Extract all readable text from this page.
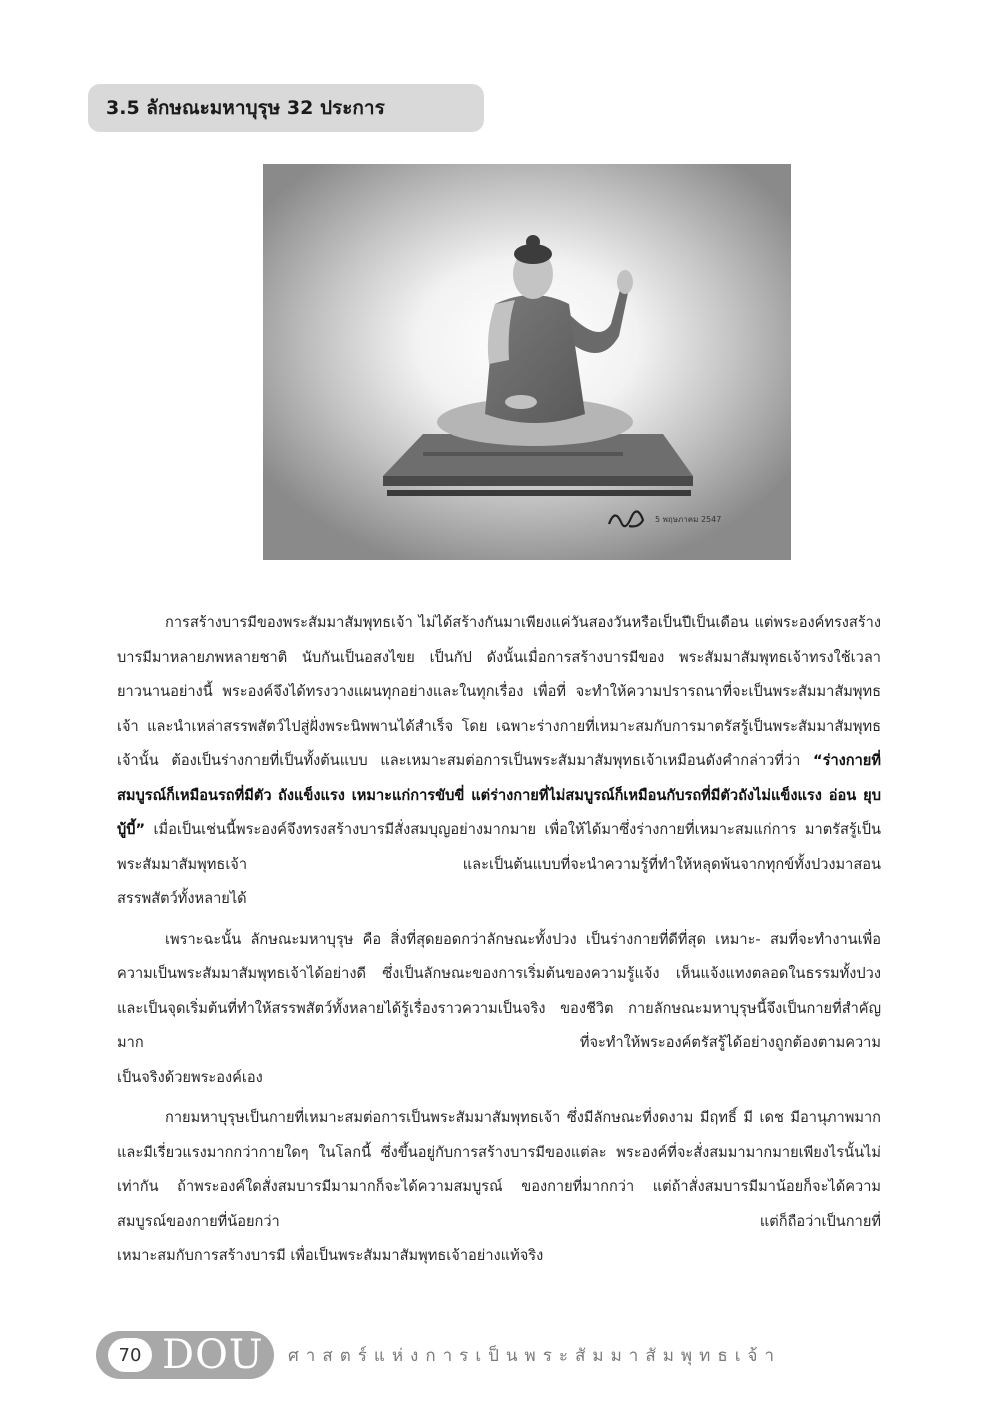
3.5 ลักษณะมหาบุรุษ 32 ประการ
5 พฤษภาคม 2547

การสร้างบารมีของพระสัมมาสัมพุทธเจ้า ไม่ได้สร้างกันมาเพียงแค่วันสองวันหรือเป็นปีเป็นเดือน แต่พระองค์ทรงสร้างบารมีมาหลายภพหลายชาติ นับกันเป็นอสงไขย เป็นกัป ดังนั้นเมื่อการสร้างบารมีของ พระสัมมาสัมพุทธเจ้าทรงใช้เวลายาวนานอย่างนี้ พระองค์จึงได้ทรงวางแผนทุกอย่างและในทุกเรื่อง เพื่อที่ จะทำให้ความปรารถนาที่จะเป็นพระสัมมาสัมพุทธเจ้า และนำเหล่าสรรพสัตว์ไปสู่ฝั่งพระนิพพานได้สำเร็จ โดย เฉพาะร่างกายที่เหมาะสมกับการมาตรัสรู้เป็นพระสัมมาสัมพุทธเจ้านั้น ต้องเป็นร่างกายที่เป็นทั้งต้นแบบ และเหมาะสมต่อการเป็นพระสัมมาสัมพุทธเจ้าเหมือนดังคำกล่าวที่ว่า “ร่างกายที่สมบูรณ์ก็เหมือนรถที่มีตัว ถังแข็งแรง เหมาะแก่การขับขี่ แต่ร่างกายที่ไม่สมบูรณ์ก็เหมือนกับรถที่มีตัวถังไม่แข็งแรง อ่อน ยุบ บู้บี้” เมื่อเป็นเช่นนี้พระองค์จึงทรงสร้างบารมีสั่งสมบุญอย่างมากมาย เพื่อให้ได้มาซึ่งร่างกายที่เหมาะสมแก่การ มาตรัสรู้เป็นพระสัมมาสัมพุทธเจ้า และเป็นต้นแบบที่จะนำความรู้ที่ทำให้หลุดพ้นจากทุกข์ทั้งปวงมาสอน
สรรพสัตว์ทั้งหลายได้

เพราะฉะนั้น ลักษณะมหาบุรุษ คือ สิ่งที่สุดยอดกว่าลักษณะทั้งปวง เป็นร่างกายที่ดีที่สุด เหมาะ- สมที่จะทำงานเพื่อความเป็นพระสัมมาสัมพุทธเจ้าได้อย่างดี ซึ่งเป็นลักษณะของการเริ่มต้นของความรู้แจ้ง เห็นแจ้งแทงตลอดในธรรมทั้งปวง และเป็นจุดเริ่มต้นที่ทำให้สรรพสัตว์ทั้งหลายได้รู้เรื่องราวความเป็นจริง ของชีวิต กายลักษณะมหาบุรุษนี้จึงเป็นกายที่สำคัญมาก ที่จะทำให้พระองค์ตรัสรู้ได้อย่างถูกต้องตามความ
เป็นจริงด้วยพระองค์เอง

กายมหาบุรุษเป็นกายที่เหมาะสมต่อการเป็นพระสัมมาสัมพุทธเจ้า ซึ่งมีลักษณะที่งดงาม มีฤทธิ์ มี เดช มีอานุภาพมาก และมีเรี่ยวแรงมากกว่ากายใดๆ ในโลกนี้ ซึ่งขึ้นอยู่กับการสร้างบารมีของแต่ละ พระองค์ที่จะสั่งสมมามากมายเพียงไรนั้นไม่เท่ากัน ถ้าพระองค์ใดสั่งสมบารมีมามากก็จะได้ความสมบูรณ์ ของกายที่มากกว่า แต่ถ้าสั่งสมบารมีมาน้อยก็จะได้ความสมบูรณ์ของกายที่น้อยกว่า แต่ก็ถือว่าเป็นกายที่
เหมาะสมกับการสร้างบารมี เพื่อเป็นพระสัมมาสัมพุทธเจ้าอย่างแท้จริง

70 DOU ศาสตร์แห่งการเป็นพระสัมมาสัมพุทธเจ้า
